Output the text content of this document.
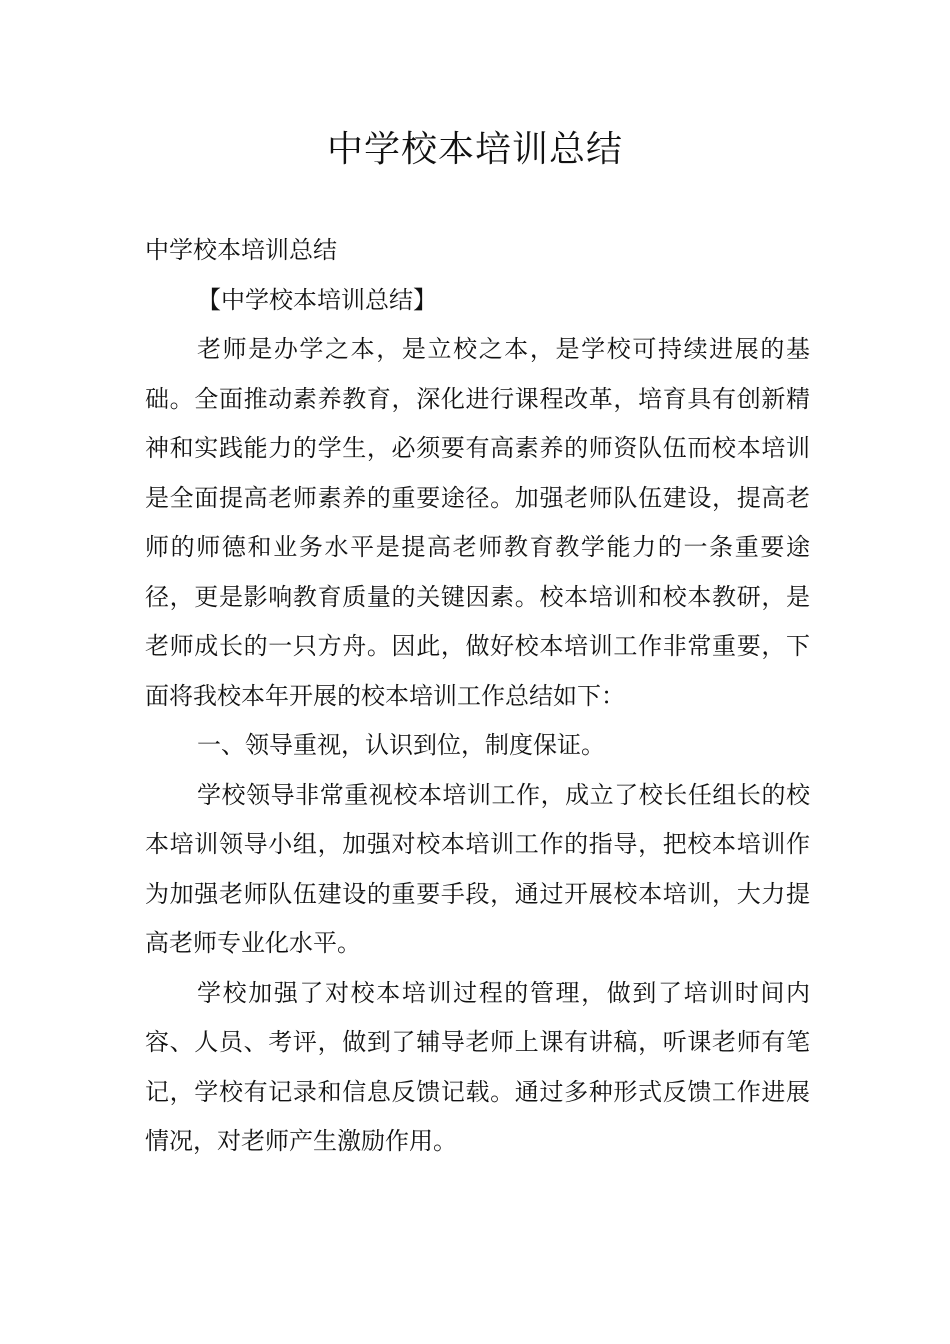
中学校本培训总结

中学校本培训总结

【中学校本培训总结】

老师是办学之本，是立校之本，是学校可持续进展的基础。全面推动素养教育，深化进行课程改革，培育具有创新精神和实践能力的学生，必须要有高素养的师资队伍而校本培训是全面提高老师素养的重要途径。加强老师队伍建设，提高老师的师德和业务水平是提高老师教育教学能力的一条重要途径，更是影响教育质量的关键因素。校本培训和校本教研，是老师成长的一只方舟。因此，做好校本培训工作非常重要，下面将我校本年开展的校本培训工作总结如下：

一、领导重视，认识到位，制度保证。

学校领导非常重视校本培训工作，成立了校长任组长的校本培训领导小组，加强对校本培训工作的指导，把校本培训作为加强老师队伍建设的重要手段，通过开展校本培训，大力提高老师专业化水平。

学校加强了对校本培训过程的管理，做到了培训时间内容、人员、考评，做到了辅导老师上课有讲稿，听课老师有笔记，学校有记录和信息反馈记载。通过多种形式反馈工作进展情况，对老师产生激励作用。
